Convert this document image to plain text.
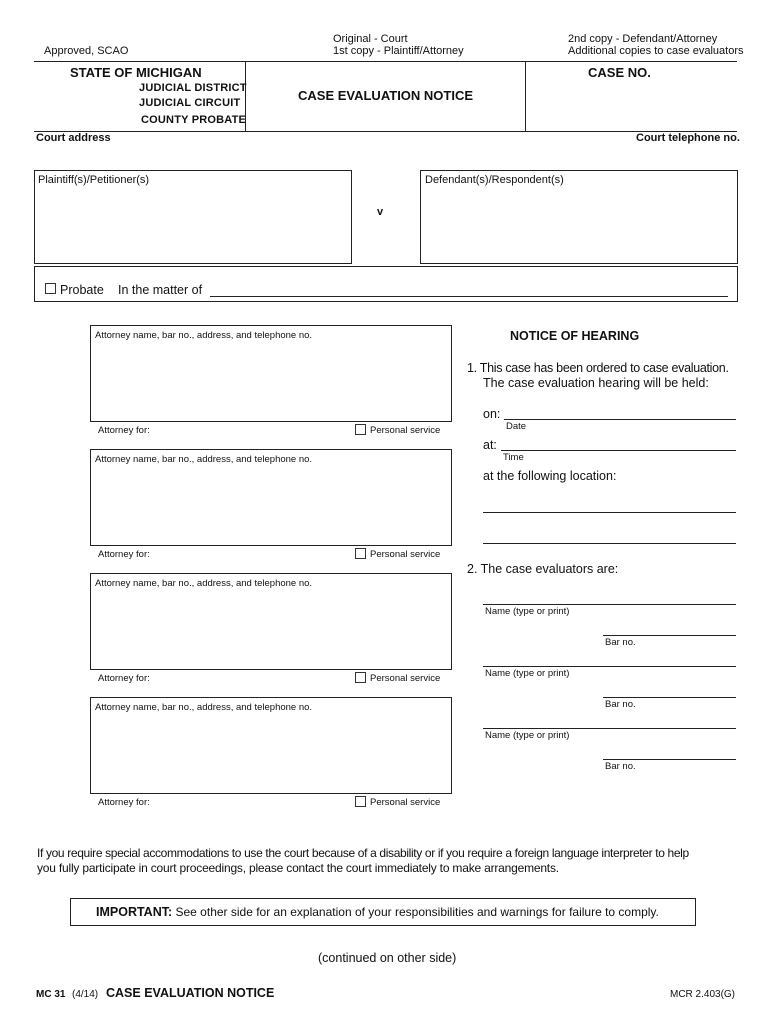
Approved, SCAO
Original - Court
1st copy - Plaintiff/Attorney
2nd copy - Defendant/Attorney
Additional copies to case evaluators
STATE OF MICHIGAN
JUDICIAL DISTRICT
JUDICIAL CIRCUIT
COUNTY PROBATE
CASE EVALUATION NOTICE
CASE NO.
Court address	Court telephone no.
Plaintiff(s)/Petitioner(s)
v
Defendant(s)/Respondent(s)
Probate In the matter of
Attorney name, bar no., address, and telephone no.
Attorney for:	Personal service
Attorney name, bar no., address, and telephone no.
Attorney for:	Personal service
Attorney name, bar no., address, and telephone no.
Attorney for:	Personal service
Attorney name, bar no., address, and telephone no.
Attorney for:	Personal service
NOTICE OF HEARING
1. This case has been ordered to case evaluation.
The case evaluation hearing will be held:
on:
Date
at:
Time
at the following location:
2. The case evaluators are:
Name (type or print)
Bar no.
Name (type or print)
Bar no.
Name (type or print)
Bar no.
If you require special accommodations to use the court because of a disability or if you require a foreign language interpreter to help
you fully participate in court proceedings, please contact the court immediately to make arrangements.
IMPORTANT: See other side for an explanation of your responsibilities and warnings for failure to comply.
(continued on other side)
MC 31 (4/14) CASE EVALUATION NOTICE	MCR 2.403(G)
